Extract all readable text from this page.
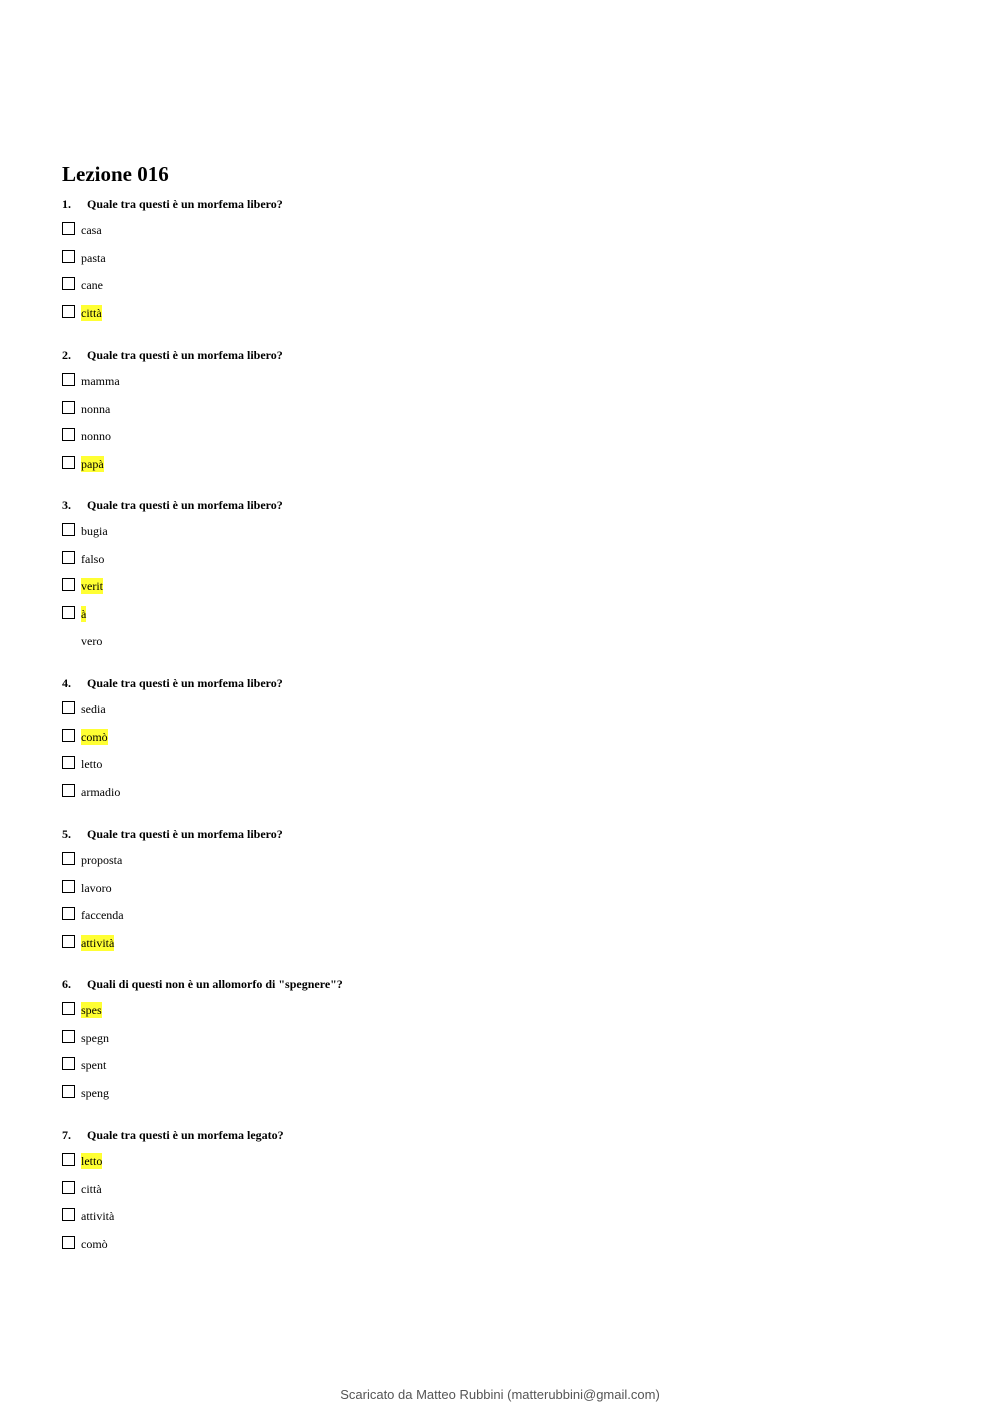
Lezione 016
1. Quale tra questi è un morfema libero?
casa
pasta
cane
città
2. Quale tra questi è un morfema libero?
mamma
nonna
nonno
papà
3. Quale tra questi è un morfema libero?
bugia
falso
verit
à
vero
4. Quale tra questi è un morfema libero?
sedia
comò
letto
armadio
5. Quale tra questi è un morfema libero?
proposta
lavoro
faccenda
attività
6. Quali di questi non è un allomorfo di "spegnere"?
spes
spegn
spent
speng
7. Quale tra questi è un morfema legato?
letto
città
attività
comò
Scaricato da Matteo Rubbini (matterubbini@gmail.com)
